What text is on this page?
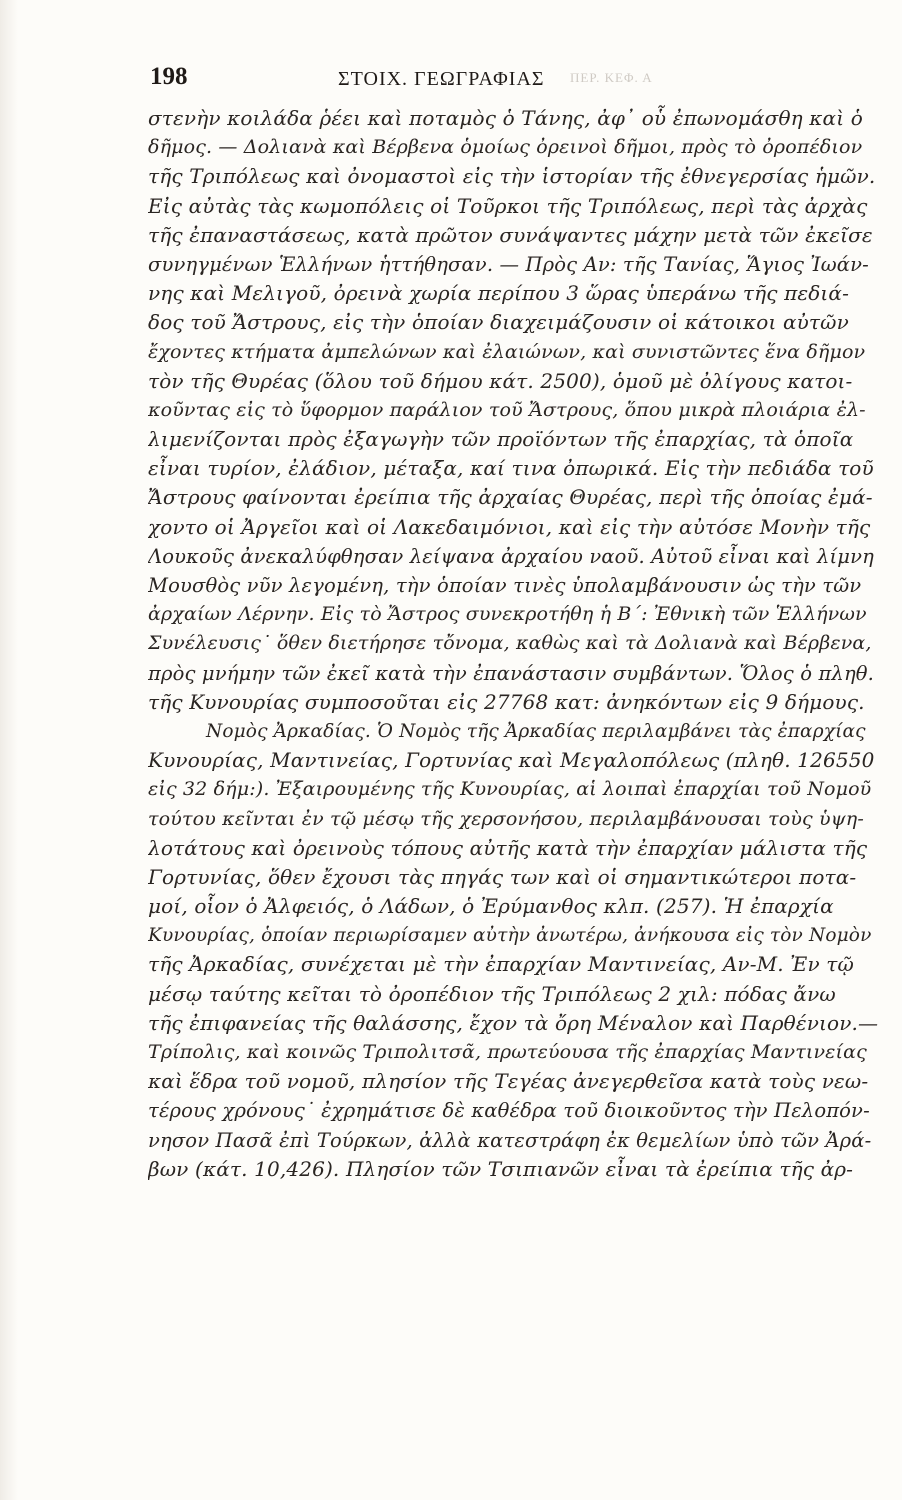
ΠΕΡ. ΚΕΦ. Α
198	ΣΤΟΙΧ. ΓΕΩΓΡΑΦΙΑΣ
στενὴν κοιλάδα ῥέει καὶ ποταμὸς ὁ Τάνης, ἀφ᾽ οὗ ἐπωνομάσθη καὶ ὁ
δῆμος. — Δολιανὰ καὶ Βέρβενα ὁμοίως ὀρεινοὶ δῆμοι, πρὸς τὸ ὀροπέδιον
τῆς Τριπόλεως καὶ ὀνομαστοὶ εἰς τὴν ἱστορίαν τῆς ἐθνεγερσίας ἡμῶν.
Εἰς αὐτὰς τὰς κωμοπόλεις οἱ Τοῦρκοι τῆς Τριπόλεως, περὶ τὰς ἀρχὰς
τῆς ἐπαναστάσεως, κατὰ πρῶτον συνάψαντες μάχην μετὰ τῶν ἐκεῖσε
συνηγμένων Ἑλλήνων ἡττήθησαν. — Πρὸς Αν: τῆς Τανίας, Ἅγιος Ἰωάν-
νης καὶ Μελιγοῦ, ὀρεινὰ χωρία περίπου 3 ὥρας ὑπεράνω τῆς πεδιά-
δος τοῦ Ἄστρους, εἰς τὴν ὁποίαν διαχειμάζουσιν οἱ κάτοικοι αὐτῶν
ἔχοντες κτήματα ἀμπελώνων καὶ ἐλαιώνων, καὶ συνιστῶντες ἕνα δῆμον
τὸν τῆς Θυρέας (ὅλου τοῦ δήμου κάτ. 2500), ὁμοῦ μὲ ὀλίγους κατοι-
κοῦντας εἰς τὸ ὕφορμον παράλιον τοῦ Ἄστρους, ὅπου μικρὰ πλοιάρια ἐλ-
λιμενίζονται πρὸς ἐξαγωγὴν τῶν προϊόντων τῆς ἐπαρχίας, τὰ ὁποῖα
εἶναι τυρίον, ἐλάδιον, μέταξα, καί τινα ὀπωρικά. Εἰς τὴν πεδιάδα τοῦ
Ἄστρους φαίνονται ἐρείπια τῆς ἀρχαίας Θυρέας, περὶ τῆς ὁποίας ἐμά-
χοντο οἱ Ἀργεῖοι καὶ οἱ Λακεδαιμόνιοι, καὶ εἰς τὴν αὐτόσε Μονὴν τῆς
Λουκοῦς ἀνεκαλύφθησαν λείψανα ἀρχαίου ναοῦ. Αὐτοῦ εἶναι καὶ λίμνη
Μουσθὸς νῦν λεγομένη, τὴν ὁποίαν τινὲς ὑπολαμβάνουσιν ὡς τὴν τῶν
ἀρχαίων Λέρνην. Εἰς τὸ Ἄστρος συνεκροτήθη ἡ Β΄: Ἐθνικὴ τῶν Ἑλλήνων
Συνέλευσις˙ ὅθεν διετήρησε τὄνομα, καθὼς καὶ τὰ Δολιανὰ καὶ Βέρβενα,
πρὸς μνήμην τῶν ἐκεῖ κατὰ τὴν ἐπανάστασιν συμβάντων. Ὅλος ὁ πληθ.
τῆς Κυνουρίας συμποσοῦται εἰς 27768 κατ: ἀνηκόντων εἰς 9 δήμους.
Νομὸς Ἀρκαδίας. Ὁ Νομὸς τῆς Ἀρκαδίας περιλαμβάνει τὰς ἐπαρχίας
Κυνουρίας, Μαντινείας, Γορτυνίας καὶ Μεγαλοπόλεως (πληθ. 126550
εἰς 32 δήμ:). Ἐξαιρουμένης τῆς Κυνουρίας, αἱ λοιπαὶ ἐπαρχίαι τοῦ Νομοῦ
τούτου κεῖνται ἐν τῷ μέσῳ τῆς χερσονήσου, περιλαμβάνουσαι τοὺς ὑψη-
λοτάτους καὶ ὀρεινοὺς τόπους αὐτῆς κατὰ τὴν ἐπαρχίαν μάλιστα τῆς
Γορτυνίας, ὅθεν ἔχουσι τὰς πηγάς των καὶ οἱ σημαντικώτεροι ποτα-
μοί, οἷον ὁ Ἀλφειός, ὁ Λάδων, ὁ Ἐρύμανθος κλπ. (257). Ἡ ἐπαρχία
Κυνουρίας, ὁποίαν περιωρίσαμεν αὐτὴν ἀνωτέρω, ἀνήκουσα εἰς τὸν Νομὸν
τῆς Ἀρκαδίας, συνέχεται μὲ τὴν ἐπαρχίαν Μαντινείας, Αν-Μ. Ἐν τῷ
μέσῳ ταύτης κεῖται τὸ ὀροπέδιον τῆς Τριπόλεως 2 χιλ: πόδας ἄνω
τῆς ἐπιφανείας τῆς θαλάσσης, ἔχον τὰ ὄρη Μέναλον καὶ Παρθένιον.—
Τρίπολις, καὶ κοινῶς Τριπολιτσᾶ, πρωτεύουσα τῆς ἐπαρχίας Μαντινείας
καὶ ἕδρα τοῦ νομοῦ, πλησίον τῆς Τεγέας ἀνεγερθεῖσα κατὰ τοὺς νεω-
τέρους χρόνους˙ ἐχρημάτισε δὲ καθέδρα τοῦ διοικοῦντος τὴν Πελοπόν-
νησον Πασᾶ ἐπὶ Τούρκων, ἀλλὰ κατεστράφη ἐκ θεμελίων ὑπὸ τῶν Ἀρά-
βων (κάτ. 10,426). Πλησίον τῶν Τσιπιανῶν εἶναι τὰ ἐρείπια τῆς ἀρ-
